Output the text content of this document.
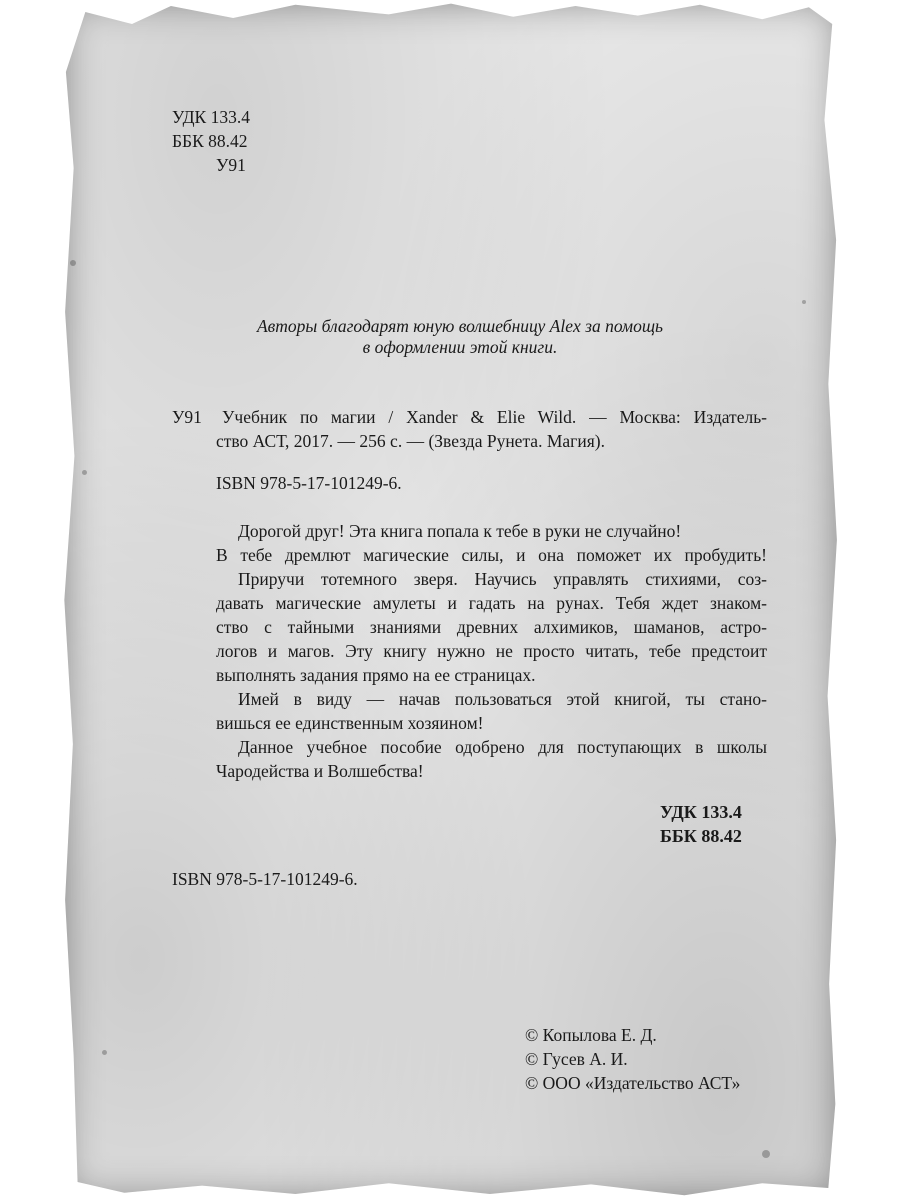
УДК 133.4
ББК 88.42
У91
Авторы благодарят юную волшебницу Alex за помощь
в оформлении этой книги.
У91 Учебник по магии / Xander & Elie Wild. — Москва: Издатель-
ство АСТ, 2017. — 256 с. — (Звезда Рунета. Магия).
ISBN 978-5-17-101249-6.
Дорогой друг! Эта книга попала к тебе в руки не случайно!
В тебе дремлют магические силы, и она поможет их пробудить!
Приручи тотемного зверя. Научись управлять стихиями, соз-
давать магические амулеты и гадать на рунах. Тебя ждет знаком-
ство с тайными знаниями древних алхимиков, шаманов, астро-
логов и магов. Эту книгу нужно не просто читать, тебе предстоит
выполнять задания прямо на ее страницах.
Имей в виду — начав пользоваться этой книгой, ты стано-
вишься ее единственным хозяином!
Данное учебное пособие одобрено для поступающих в школы
Чародейства и Волшебства!
УДК 133.4
ББК 88.42
ISBN 978-5-17-101249-6.
© Копылова Е. Д.
© Гусев А. И.
© ООО «Издательство АСТ»
